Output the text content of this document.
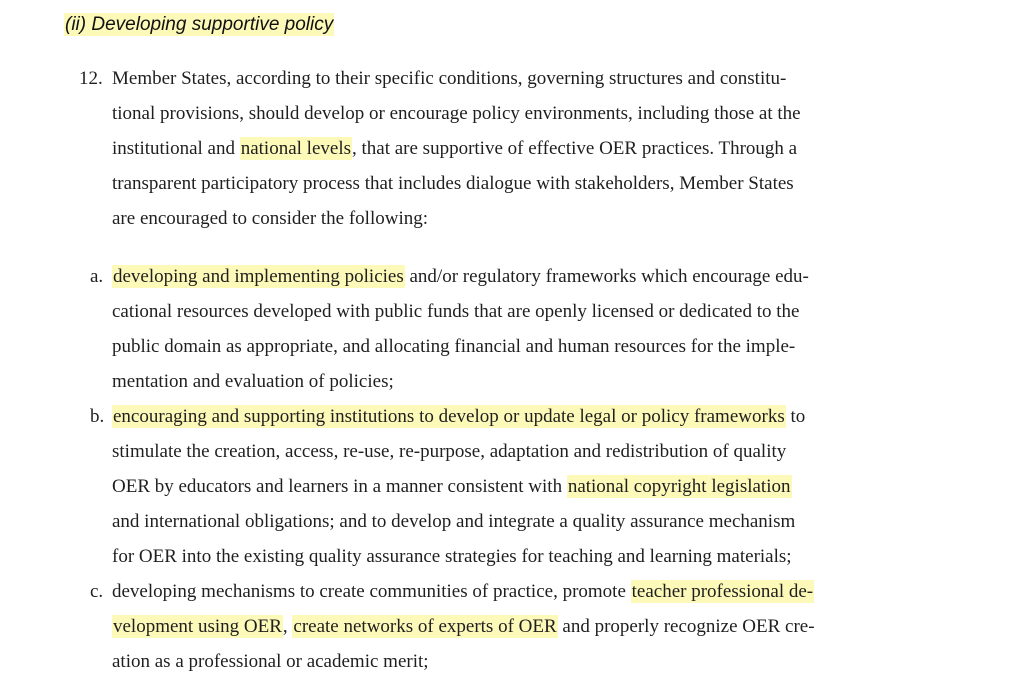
(ii) Developing supportive policy
12. Member States, according to their specific conditions, governing structures and constitu-
tional provisions, should develop or encourage policy environments, including those at the
institutional and national levels, that are supportive of effective OER practices. Through a
transparent participatory process that includes dialogue with stakeholders, Member States
are encouraged to consider the following:
a. developing and implementing policies and/or regulatory frameworks which encourage edu-
cational resources developed with public funds that are openly licensed or dedicated to the
public domain as appropriate, and allocating financial and human resources for the imple-
mentation and evaluation of policies;
b. encouraging and supporting institutions to develop or update legal or policy frameworks to
stimulate the creation, access, re-use, re-purpose, adaptation and redistribution of quality
OER by educators and learners in a manner consistent with national copyright legislation
and international obligations; and to develop and integrate a quality assurance mechanism
for OER into the existing quality assurance strategies for teaching and learning materials;
c. developing mechanisms to create communities of practice, promote teacher professional de-
velopment using OER, create networks of experts of OER and properly recognize OER cre-
ation as a professional or academic merit;
